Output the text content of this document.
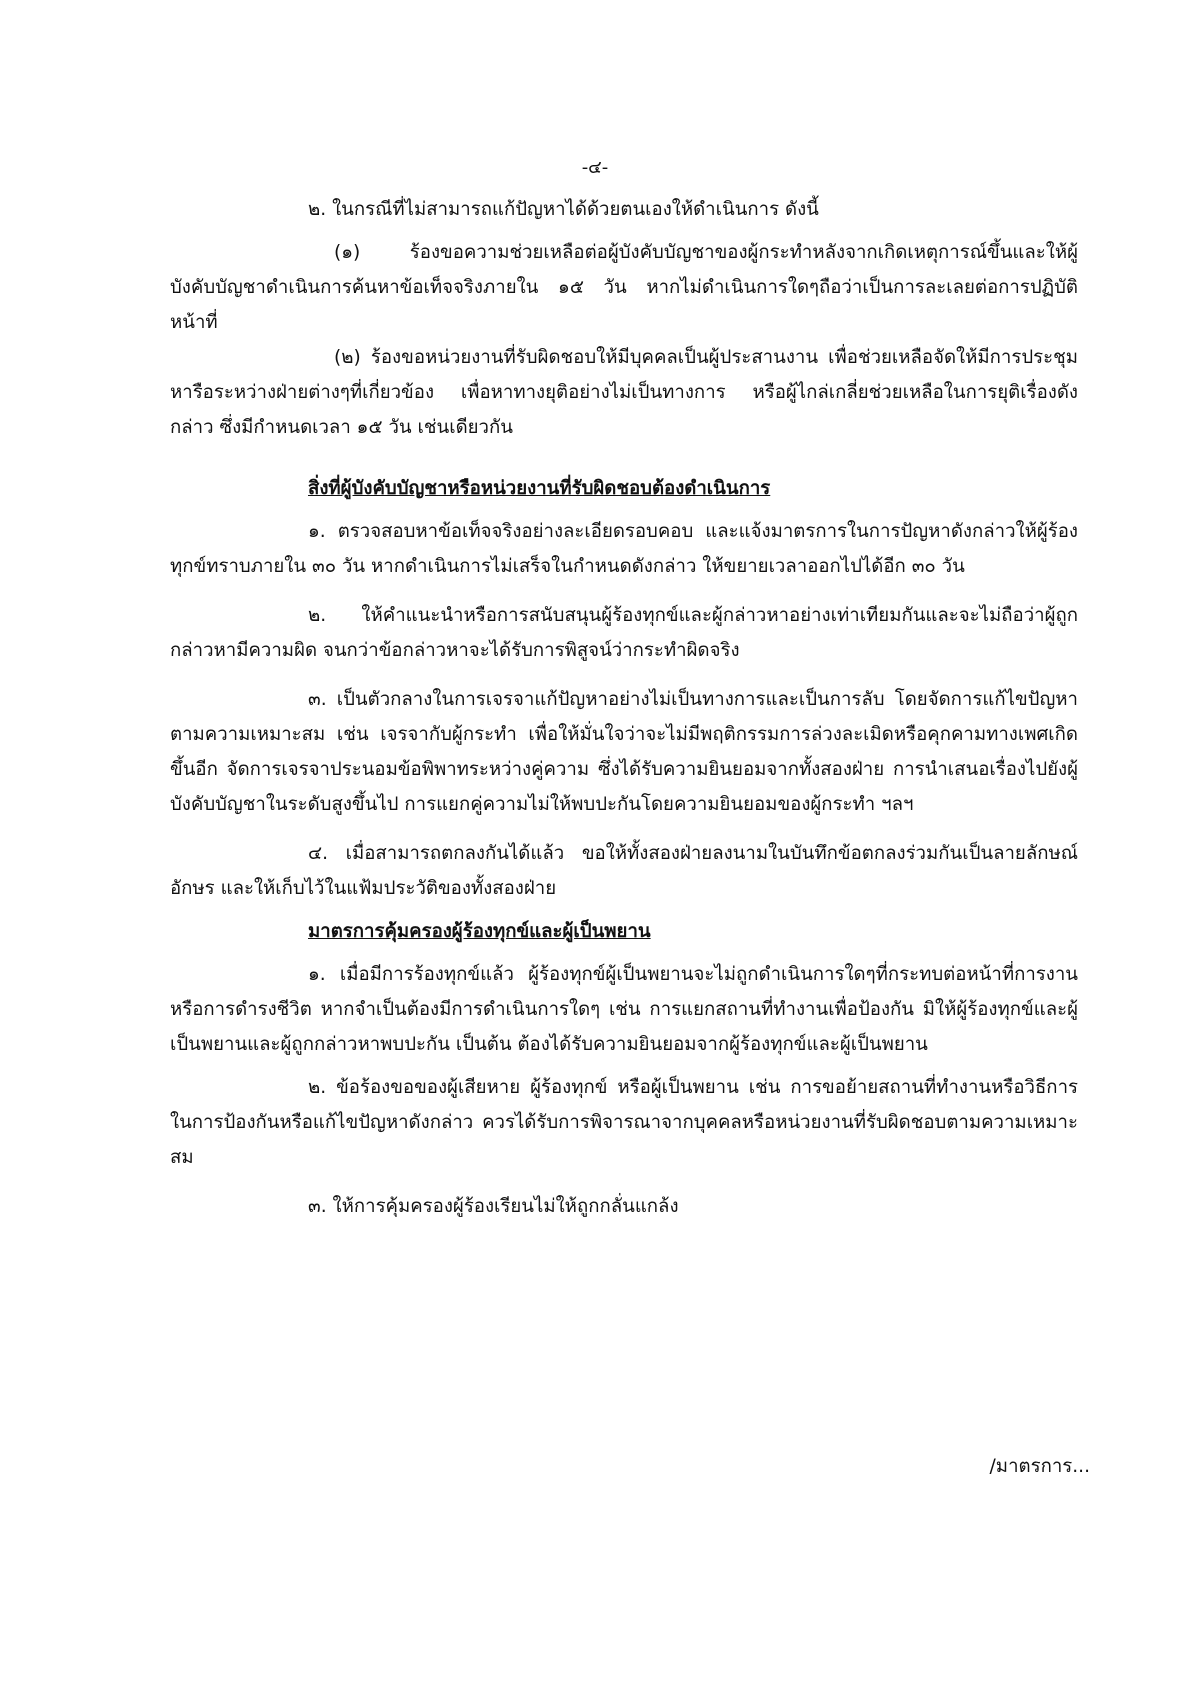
-๔-

๒. ในกรณีที่ไม่สามารถแก้ปัญหาได้ด้วยตนเองให้ดำเนินการ ดังนี้

(๑) ร้องขอความช่วยเหลือต่อผู้บังคับบัญชาของผู้กระทำหลังจากเกิดเหตุการณ์ขึ้นและให้ผู้บังคับบัญชาดำเนินการค้นหาข้อเท็จจริงภายใน ๑๕ วัน หากไม่ดำเนินการใดๆถือว่าเป็นการละเลยต่อการปฏิบัติหน้าที่

(๒) ร้องขอหน่วยงานที่รับผิดชอบให้มีบุคคลเป็นผู้ประสานงาน เพื่อช่วยเหลือจัดให้มีการประชุมหารือระหว่างฝ่ายต่างๆที่เกี่ยวข้อง เพื่อหาทางยุติอย่างไม่เป็นทางการ หรือผู้ไกล่เกลี่ยช่วยเหลือในการยุติเรื่องดังกล่าว ซึ่งมีกำหนดเวลา ๑๕ วัน เช่นเดียวกัน

สิ่งที่ผู้บังคับบัญชาหรือหน่วยงานที่รับผิดชอบต้องดำเนินการ

๑. ตรวจสอบหาข้อเท็จจริงอย่างละเอียดรอบคอบ และแจ้งมาตรการในการปัญหาดังกล่าวให้ผู้ร้องทุกข์ทราบภายใน ๓๐ วัน หากดำเนินการไม่เสร็จในกำหนดดังกล่าว ให้ขยายเวลาออกไปได้อีก ๓๐ วัน

๒. ให้คำแนะนำหรือการสนับสนุนผู้ร้องทุกข์และผู้กล่าวหาอย่างเท่าเทียมกันและจะไม่ถือว่าผู้ถูกกล่าวหามีความผิด จนกว่าข้อกล่าวหาจะได้รับการพิสูจน์ว่ากระทำผิดจริง

๓. เป็นตัวกลางในการเจรจาแก้ปัญหาอย่างไม่เป็นทางการและเป็นการลับ โดยจัดการแก้ไขปัญหาตามความเหมาะสม เช่น เจรจากับผู้กระทำ เพื่อให้มั่นใจว่าจะไม่มีพฤติกรรมการล่วงละเมิดหรือคุกคามทางเพศเกิดขึ้นอีก จัดการเจรจาประนอมข้อพิพาทระหว่างคู่ความ ซึ่งได้รับความยินยอมจากทั้งสองฝ่าย การนำเสนอเรื่องไปยังผู้บังคับบัญชาในระดับสูงขึ้นไป การแยกคู่ความไม่ให้พบปะกันโดยความยินยอมของผู้กระทำ ฯลฯ

๔. เมื่อสามารถตกลงกันได้แล้ว ขอให้ทั้งสองฝ่ายลงนามในบันทึกข้อตกลงร่วมกันเป็นลายลักษณ์อักษร และให้เก็บไว้ในแฟ้มประวัติของทั้งสองฝ่าย

มาตรการคุ้มครองผู้ร้องทุกข์และผู้เป็นพยาน

๑. เมื่อมีการร้องทุกข์แล้ว ผู้ร้องทุกข์ผู้เป็นพยานจะไม่ถูกดำเนินการใดๆที่กระทบต่อหน้าที่การงานหรือการดำรงชีวิต หากจำเป็นต้องมีการดำเนินการใดๆ เช่น การแยกสถานที่ทำงานเพื่อป้องกัน มิให้ผู้ร้องทุกข์และผู้เป็นพยานและผู้ถูกกล่าวหาพบปะกัน เป็นต้น ต้องได้รับความยินยอมจากผู้ร้องทุกข์และผู้เป็นพยาน

๒. ข้อร้องขอของผู้เสียหาย ผู้ร้องทุกข์ หรือผู้เป็นพยาน เช่น การขอย้ายสถานที่ทำงานหรือวิธีการในการป้องกันหรือแก้ไขปัญหาดังกล่าว ควรได้รับการพิจารณาจากบุคคลหรือหน่วยงานที่รับผิดชอบตามความเหมาะสม

๓. ให้การคุ้มครองผู้ร้องเรียนไม่ให้ถูกกลั่นแกล้ง

/มาตรการ...
